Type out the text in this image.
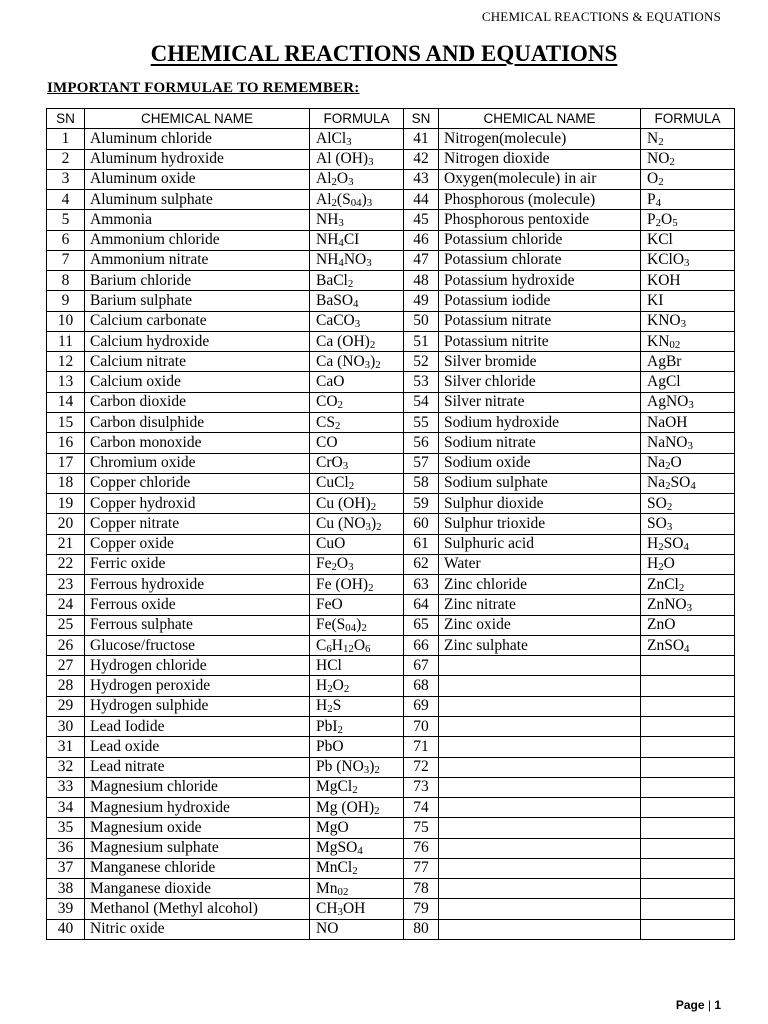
CHEMICAL REACTIONS & EQUATIONS
CHEMICAL REACTIONS AND EQUATIONS
IMPORTANT FORMULAE TO REMEMBER:
SN	CHEMICAL NAME	FORMULA	SN	CHEMICAL NAME	FORMULA
1	Aluminum chloride	AlCl$_3$	41	Nitrogen(molecule)	$N_2$
2	Aluminum hydroxide	Al $(OH)_3$	42	Nitrogen dioxide	$NO_2$
3	Aluminum oxide	$Al_2O_3$	43	Oxygen(molecule) in air	$O_2$
4	Aluminum sulphate	$Al_2(S_{04})_3$	44	Phosphorous (molecule)	$P_4$
5	Ammonia	$NH_3$	45	Phosphorous pentoxide	$P_2O_5$
6	Ammonium chloride	$NH_4CI$	46	Potassium chloride	KCl
7	Ammonium nitrate	$NH_4NO_3$	47	Potassium chlorate	KClO$_3$
8	Barium chloride	BaCl$_2$	48	Potassium hydroxide	KOH
9	Barium sulphate	BaSO$_4$	49	Potassium iodide	KI
10	Calcium carbonate	CaCO$_3$	50	Potassium nitrate	$KNO_3$
11	Calcium hydroxide	Ca $(OH)_2$	51	Potassium nitrite	$KN_{02}$
12	Calcium nitrate	Ca $(NO_3)_2$	52	Silver bromide	AgBr
13	Calcium oxide	CaO	53	Silver chloride	AgCl
14	Carbon dioxide	$CO_2$	54	Silver nitrate	AgNO$_3$
15	Carbon disulphide	$CS_2$	55	Sodium hydroxide	NaOH
16	Carbon monoxide	CO	56	Sodium nitrate	NaNO$_3$
17	Chromium oxide	CrO$_3$	57	Sodium oxide	$Na_2O$
18	Copper chloride	CuCl$_2$	58	Sodium sulphate	$Na_2SO_4$
19	Copper hydroxid	Cu $(OH)_2$	59	Sulphur dioxide	$SO_2$
20	Copper nitrate	Cu $(NO_3)_2$	60	Sulphur trioxide	$SO_3$
21	Copper oxide	CuO	61	Sulphuric acid	$H_2SO_4$
22	Ferric oxide	$Fe_2O_3$	62	Water	$H_2O$
23	Ferrous hydroxide	Fe $(OH)_2$	63	Zinc chloride	ZnCl$_2$
24	Ferrous oxide	FeO	64	Zinc nitrate	ZnNO$_3$
25	Ferrous sulphate	$Fe(S_{04})_2$	65	Zinc oxide	ZnO
26	Glucose/fructose	$C_6H_{12}O_6$	66	Zinc sulphate	ZnSO$_4$
27	Hydrogen chloride	HCl	67		
28	Hydrogen peroxide	$H_2O_2$	68		
29	Hydrogen sulphide	$H_2S$	69		
30	Lead Iodide	PbI$_2$	70		
31	Lead oxide	PbO	71		
32	Lead nitrate	Pb $(NO_3)_2$	72		
33	Magnesium chloride	MgCl$_2$	73		
34	Magnesium hydroxide	Mg $(OH)_2$	74		
35	Magnesium oxide	MgO	75		
36	Magnesium sulphate	MgSO$_4$	76		
37	Manganese chloride	MnCl$_2$	77		
38	Manganese dioxide	$Mn_{02}$	78		
39	Methanol (Methyl alcohol)	$CH_3OH$	79		
40	Nitric oxide	NO	80		
Page | 1
